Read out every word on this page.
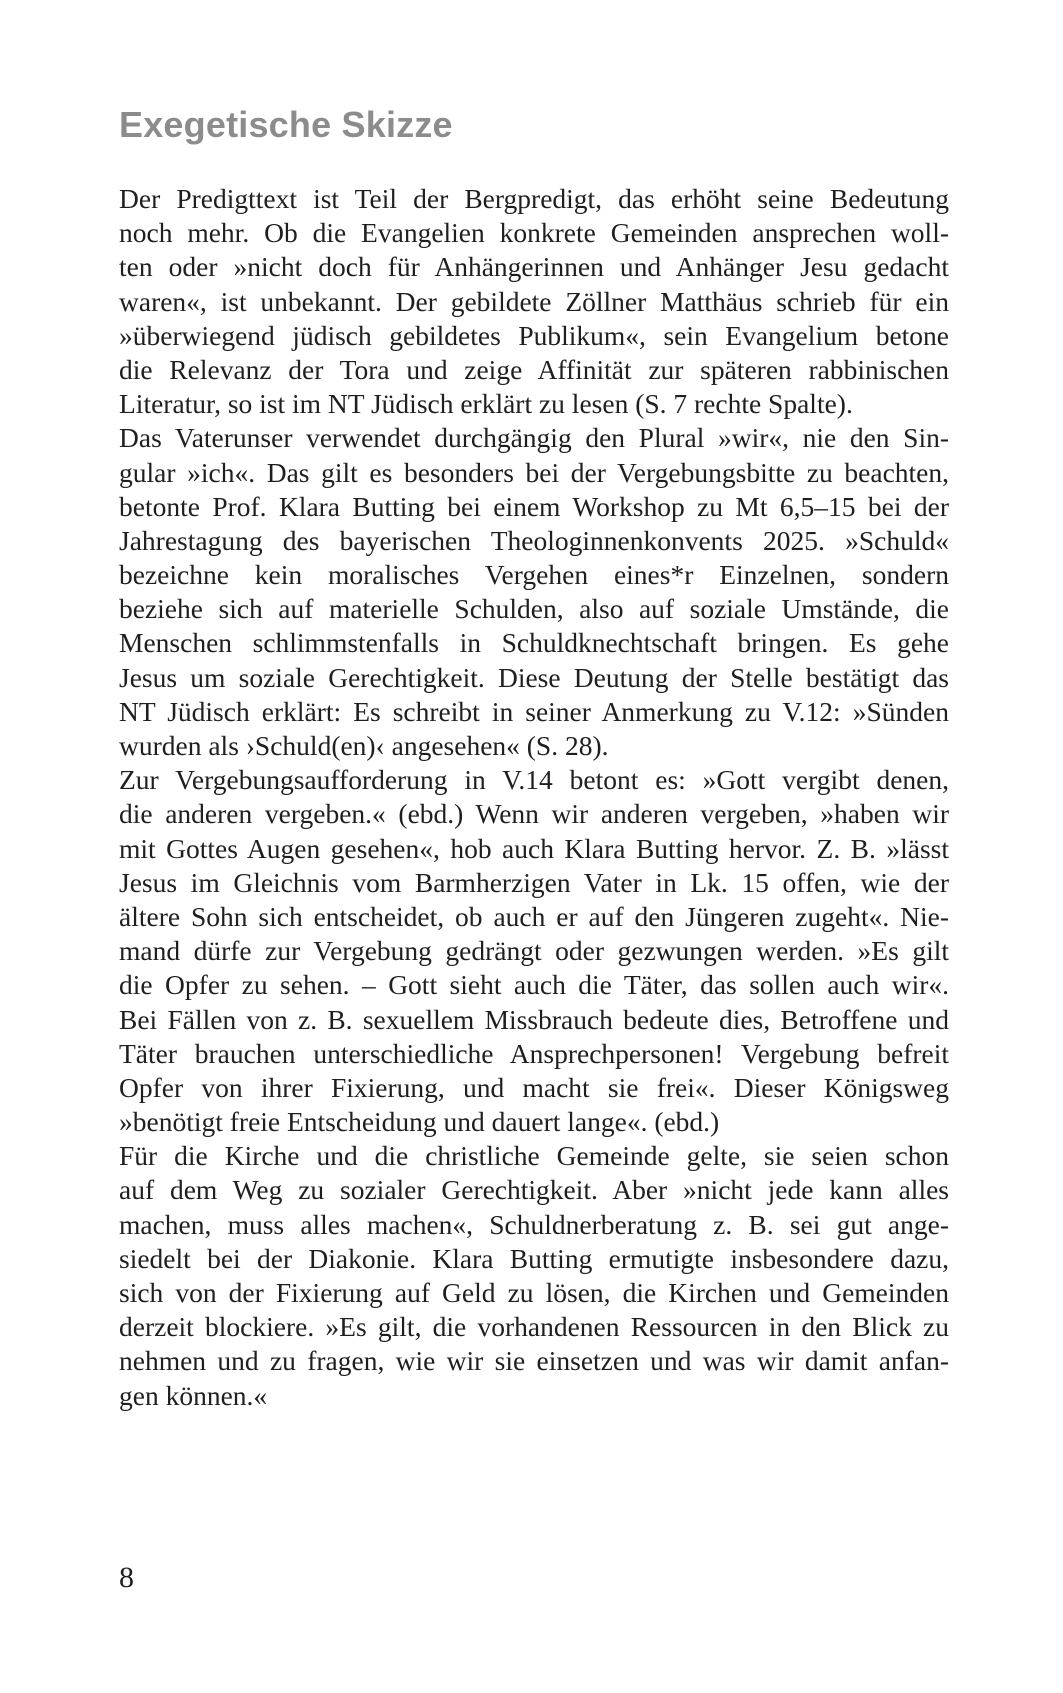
Exegetische Skizze
Der Predigttext ist Teil der Bergpredigt, das erhöht seine Bedeutung
noch mehr. Ob die Evangelien konkrete Gemeinden ansprechen woll-
ten oder »nicht doch für Anhängerinnen und Anhänger Jesu gedacht
waren«, ist unbekannt. Der gebildete Zöllner Matthäus schrieb für ein
»überwiegend jüdisch gebildetes Publikum«, sein Evangelium betone
die Relevanz der Tora und zeige Affinität zur späteren rabbinischen
Literatur, so ist im NT Jüdisch erklärt zu lesen (S. 7 rechte Spalte).
Das Vaterunser verwendet durchgängig den Plural »wir«, nie den Sin-
gular »ich«. Das gilt es besonders bei der Vergebungsbitte zu beachten,
betonte Prof. Klara Butting bei einem Workshop zu Mt 6,5–15 bei der
Jahrestagung des bayerischen Theologinnenkonvents 2025. »Schuld«
bezeichne kein moralisches Vergehen eines*r Einzelnen, sondern
beziehe sich auf materielle Schulden, also auf soziale Umstände, die
Menschen schlimmstenfalls in Schuldknechtschaft bringen. Es gehe
Jesus um soziale Gerechtigkeit. Diese Deutung der Stelle bestätigt das
NT Jüdisch erklärt: Es schreibt in seiner Anmerkung zu V.12: »Sünden
wurden als ›Schuld(en)‹ angesehen« (S. 28).
Zur Vergebungsaufforderung in V.14 betont es: »Gott vergibt denen,
die anderen vergeben.« (ebd.) Wenn wir anderen vergeben, »haben wir
mit Gottes Augen gesehen«, hob auch Klara Butting hervor. Z. B. »lässt
Jesus im Gleichnis vom Barmherzigen Vater in Lk. 15 offen, wie der
ältere Sohn sich entscheidet, ob auch er auf den Jüngeren zugeht«. Nie-
mand dürfe zur Vergebung gedrängt oder gezwungen werden. »Es gilt
die Opfer zu sehen. – Gott sieht auch die Täter, das sollen auch wir«.
Bei Fällen von z. B. sexuellem Missbrauch bedeute dies, Betroffene und
Täter brauchen unterschiedliche Ansprechpersonen! Vergebung befreit
Opfer von ihrer Fixierung, und macht sie frei«. Dieser Königsweg
»benötigt freie Entscheidung und dauert lange«. (ebd.)
Für die Kirche und die christliche Gemeinde gelte, sie seien schon
auf dem Weg zu sozialer Gerechtigkeit. Aber »nicht jede kann alles
machen, muss alles machen«, Schuldnerberatung z. B. sei gut ange-
siedelt bei der Diakonie. Klara Butting ermutigte insbesondere dazu,
sich von der Fixierung auf Geld zu lösen, die Kirchen und Gemeinden
derzeit blockiere. »Es gilt, die vorhandenen Ressourcen in den Blick zu
nehmen und zu fragen, wie wir sie einsetzen und was wir damit anfan-
gen können.«
8
